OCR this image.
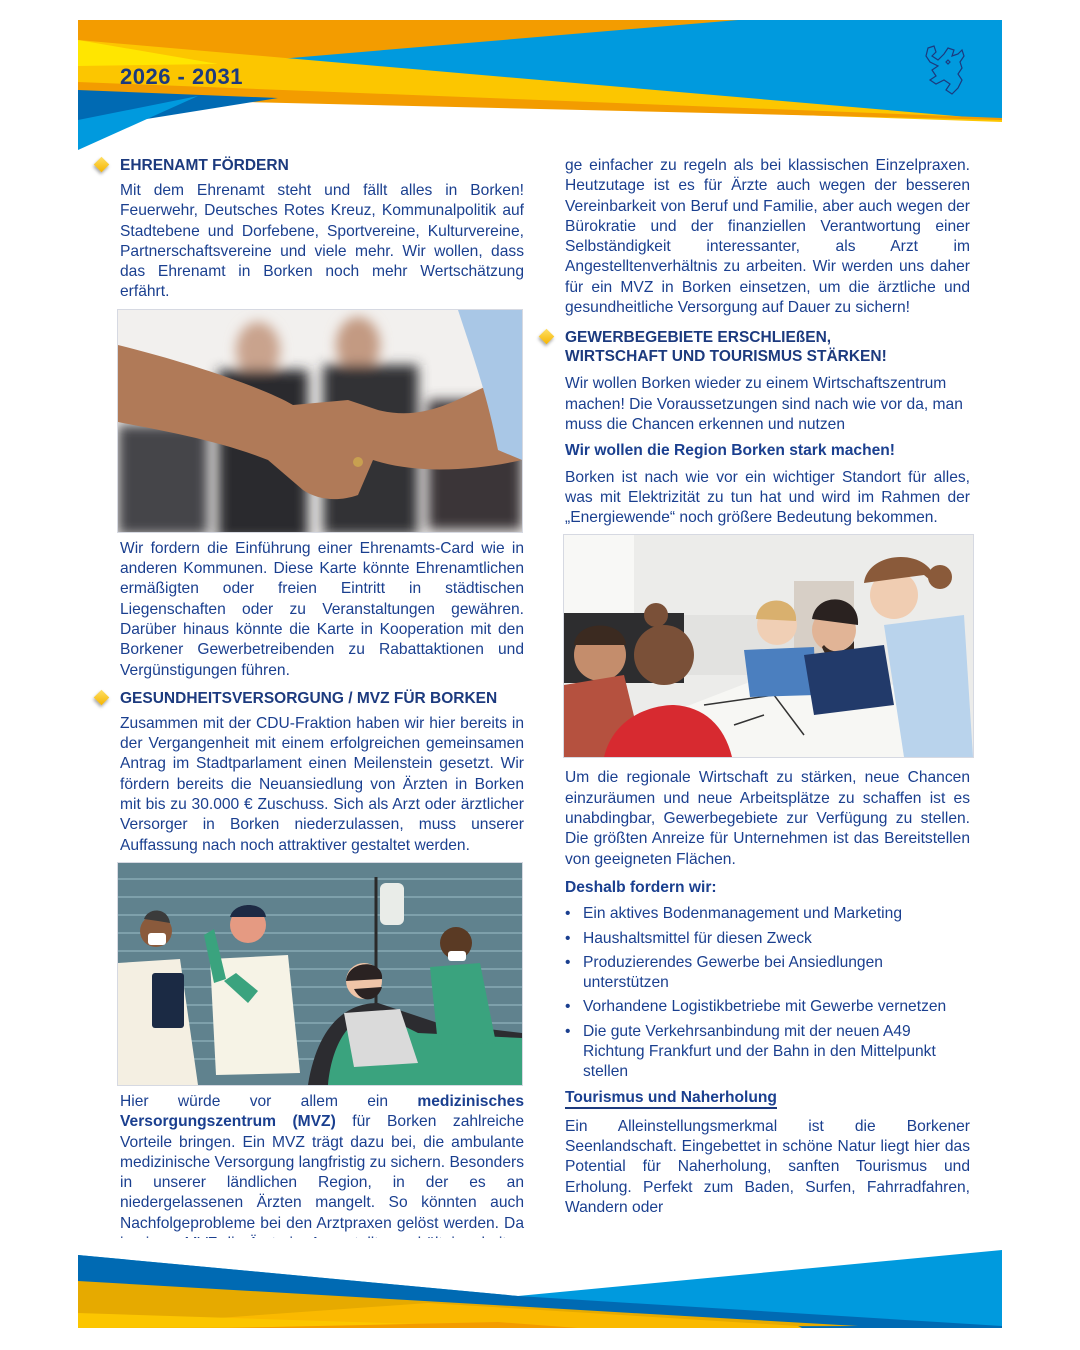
2026 - 2031
EHRENAMT FÖRDERN

Mit dem Ehrenamt steht und fällt alles in Borken! Feuerwehr, Deutsches Rotes Kreuz, Kommunalpolitik auf Stadtebene und Dorfebene, Sportvereine, Kulturvereine, Partnerschaftsvereine und viele mehr. Wir wollen, dass das Ehrenamt in Borken noch mehr Wertschätzung erfährt.

Wir fordern die Einführung einer Ehrenamts-Card wie in anderen Kommunen. Diese Karte könnte Ehrenamtlichen ermäßigten oder freien Eintritt in städtischen Liegenschaften oder zu Veranstaltungen gewähren. Darüber hinaus könnte die Karte in Kooperation mit den Borkener Gewerbetreibenden zu Rabattaktionen und Vergünstigungen führen.

GESUNDHEITSVERSORGUNG / MVZ FÜR BORKEN

Zusammen mit der CDU-Fraktion haben wir hier bereits in der Vergangenheit mit einem erfolgreichen gemeinsamen Antrag im Stadtparlament einen Meilenstein gesetzt. Wir fördern bereits die Neuansiedlung von Ärzten in Borken mit bis zu 30.000 € Zuschuss. Sich als Arzt oder ärztlicher Versorger in Borken niederzulassen, muss unserer Auffassung nach noch attraktiver gestaltet werden.

Hier würde vor allem ein medizinisches Versorgungszentrum (MVZ) für Borken zahlreiche Vorteile bringen. Ein MVZ trägt dazu bei, die ambulante medizinische Versorgung langfristig zu sichern. Besonders in unserer ländlichen Region, in der es an niedergelassenen Ärzten mangelt. So könnten auch Nachfolgeprobleme bei den Arztpraxen gelöst werden. Da

ge einfacher zu regeln als bei klassischen Einzelpraxen. Heutzutage ist es für Ärzte auch wegen der besseren Vereinbarkeit von Beruf und Familie, aber auch wegen der Bürokratie und der finanziellen Verantwortung einer Selbständigkeit interessanter, als Arzt im Angestelltenverhältnis zu arbeiten. Wir werden uns daher für ein MVZ in Borken einsetzen, um die ärztliche und gesundheitliche Versorgung auf Dauer zu sichern!

GEWERBEGEBIETE ERSCHLIEßEN,
WIRTSCHAFT UND TOURISMUS STÄRKEN!

Wir wollen Borken wieder zu einem Wirtschaftszentrum machen! Die Voraussetzungen sind nach wie vor da, man muss die Chancen erkennen und nutzen

Wir wollen die Region Borken stark machen!

Borken ist nach wie vor ein wichtiger Standort für alles, was mit Elektrizität zu tun hat und wird im Rahmen der „Energiewende“ noch größere Bedeutung bekommen.

Um die regionale Wirtschaft zu stärken, neue Chancen einzuräumen und neue Arbeitsplätze zu schaffen ist es unabdingbar, Gewerbegebiete zur Verfügung zu stellen. Die größten Anreize für Unternehmen ist das Bereitstellen von geeigneten Flächen.

Deshalb fordern wir:
• Ein aktives Bodenmanagement und Marketing
• Haushaltsmittel für diesen Zweck
• Produzierendes Gewerbe bei Ansiedlungen unterstützen
• Vorhandene Logistikbetriebe mit Gewerbe vernetzen
• Die gute Verkehrsanbindung mit der neuen A49 Richtung Frankfurt und der Bahn in den Mittelpunkt stellen
Tourismus und Naherholung

Ein Alleinstellungsmerkmal ist die Borkener Seenlandschaft. Eingebettet in schöne Natur liegt hier das Potential für Naherholung, sanften Tourismus und Erholung. Perfekt zum Baden, Surfen, Fahrradfahren, Wandern oder
